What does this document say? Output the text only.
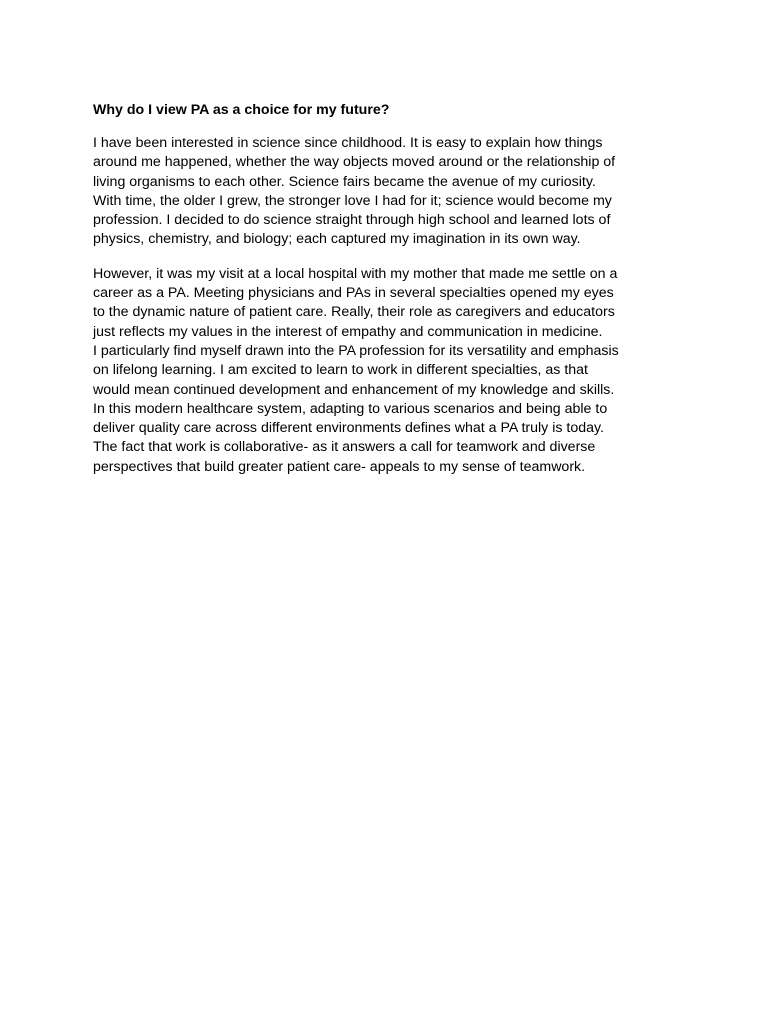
Why do I view PA as a choice for my future?

I have been interested in science since childhood. It is easy to explain how things
around me happened, whether the way objects moved around or the relationship of
living organisms to each other. Science fairs became the avenue of my curiosity.
With time, the older I grew, the stronger love I had for it; science would become my
profession. I decided to do science straight through high school and learned lots of
physics, chemistry, and biology; each captured my imagination in its own way.

However, it was my visit at a local hospital with my mother that made me settle on a
career as a PA. Meeting physicians and PAs in several specialties opened my eyes
to the dynamic nature of patient care. Really, their role as caregivers and educators
just reflects my values in the interest of empathy and communication in medicine.
I particularly find myself drawn into the PA profession for its versatility and emphasis
on lifelong learning. I am excited to learn to work in different specialties, as that
would mean continued development and enhancement of my knowledge and skills.
In this modern healthcare system, adapting to various scenarios and being able to
deliver quality care across different environments defines what a PA truly is today.
The fact that work is collaborative- as it answers a call for teamwork and diverse
perspectives that build greater patient care- appeals to my sense of teamwork.
